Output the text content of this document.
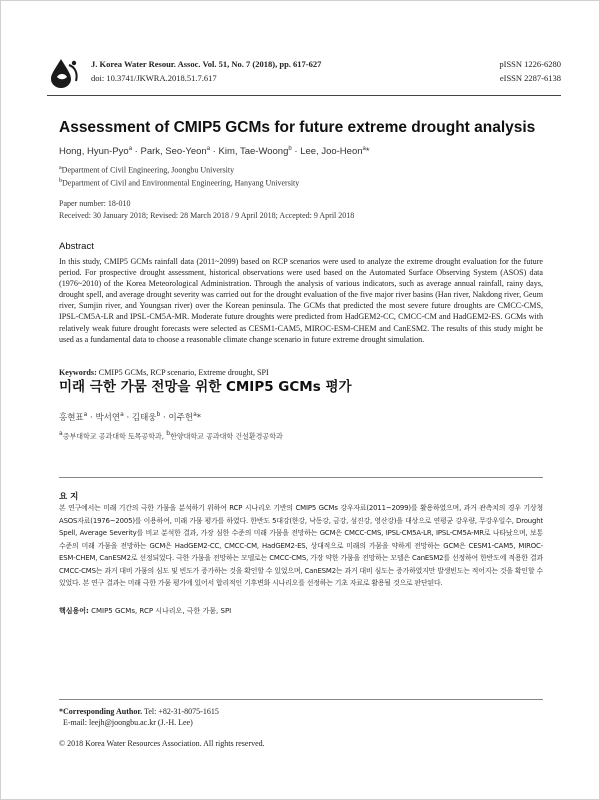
J. Korea Water Resour. Assoc. Vol. 51, No. 7 (2018), pp. 617-627
doi: 10.3741/JKWRA.2018.51.7.617
pISSN 1226-6280
eISSN 2287-6138
Assessment of CMIP5 GCMs for future extreme drought analysis
Hong, Hyun-Pyo$^a$ · Park, Seo-Yeon$^a$ · Kim, Tae-Woong$^b$ · Lee, Joo-Heon$^a$*
$^a$Department of Civil Engineering, Joongbu University
$^b$Department of Civil and Environmental Engineering, Hanyang University
Paper number: 18-010
Received: 30 January 2018; Revised: 28 March 2018 / 9 April 2018; Accepted: 9 April 2018
Abstract
In this study, CMIP5 GCMs rainfall data (2011~2099) based on RCP scenarios were used to analyze the extreme drought evaluation for the future period. For prospective drought assessment, historical observations were used based on the Automated Surface Observing System (ASOS) data (1976~2010) of the Korea Meteorological Administration. Through the analysis of various indicators, such as average annual rainfall, rainy days, drought spell, and average drought severity was carried out for the drought evaluation of the five major river basins (Han river, Nakdong river, Geum river, Sumjin river, and Youngsan river) over the Korean peninsula. The GCMs that predicted the most severe future droughts are CMCC-CMS, IPSL-CM5A-LR and IPSL-CM5A-MR. Moderate future droughts were predicted from HadGEM2-CC, CMCC-CM and HadGEM2-ES. GCMs with relatively weak future drought forecasts were selected as CESM1-CAM5, MIROC-ESM-CHEM and CanESM2. The results of this study might be used as a fundamental data to choose a reasonable climate change scenario in future extreme drought simulation.
Keywords: CMIP5 GCMs, RCP scenario, Extreme drought, SPI
미래 극한 가뭄 전망을 위한 CMIP5 GCMs 평가
홍현표$^a$ · 박서연$^a$ · 김태웅$^b$ · 이주헌$^a$*
$^a$중부대학교 공과대학 토목공학과, $^b$한양대학교 공과대학 건설환경공학과
요 지
본 연구에서는 미래 기간의 극한 가뭄을 분석하기 위하여 RCP 시나리오 기반의 CMIP5 GCMs 강우자료(2011~2099)를 활용하였으며, 과거 관측치의 경우 기상청 ASOS자료(1976~2005)를 이용하여, 미래 가뭄 평가를 하였다. 한반도 5대강(한강, 낙동강, 금강, 섬진강, 영산강)을 대상으로 연평균 강우량, 무강우일수, Drought Spell, Average Severity를 비교 분석한 결과, 가장 심한 수준의 미래 가뭄을 전망하는 GCM은 CMCC-CMS, IPSL-CM5A-LR, IPSL-CM5A-MR로 나타났으며, 보통 수준의 미래 가뭄을 전망하는 GCM은 HadGEM2-CC, CMCC-CM, HadGEM2-ES, 상대적으로 미래의 가뭄을 약하게 전망하는 GCM은 CESM1-CAM5, MIROC-ESM-CHEM, CanESM2로 선정되었다. 극한 가뭄을 전망하는 모델로는 CMCC-CMS, 가장 약한 가뭄을 전망하는 모델은 CanESM2를 선정하여 한반도에 적용한 결과 CMCC-CMS는 과거 대비 가뭄의 심도 및 빈도가 증가하는 것을 확인할 수 있었으며, CanESM2는 과거 대비 심도는 증가하였지만 발생빈도는 적어지는 것을 확인할 수 있었다. 본 연구 결과는 미래 극한 가뭄 평가에 있어서 합리적인 기후변화 시나리오를 선정하는 기초 자료로 활용될 것으로 판단된다.
핵심용어: CMIP5 GCMs, RCP 시나리오, 극한 가뭄, SPI
*Corresponding Author. Tel: +82-31-8075-1615
E-mail: leejh@joongbu.ac.kr (J.-H. Lee)
© 2018 Korea Water Resources Association. All rights reserved.
